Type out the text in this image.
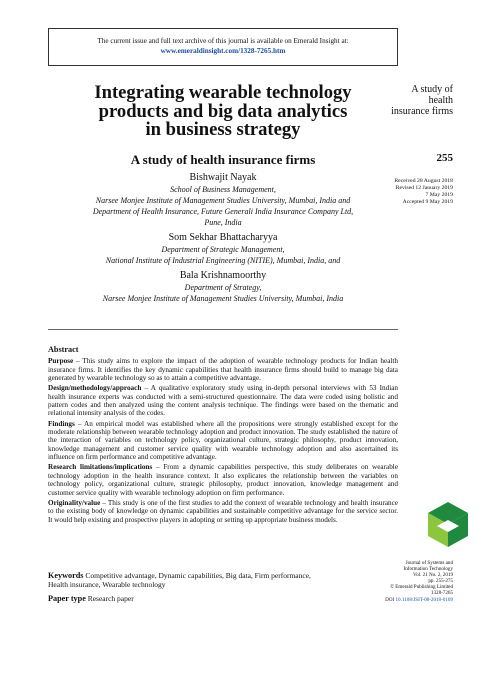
The current issue and full text archive of this journal is available on Emerald Insight at:
www.emeraldinsight.com/1328-7265.htm
Integrating wearable technology
products and big data analytics
in business strategy
A study of health insurance firms
Bishwajit Nayak
School of Business Management,
Narsee Monjee Institute of Management Studies University, Mumbai, India and
Department of Health Insurance, Future Generali India Insurance Company Ltd,
Pune, India
Som Sekhar Bhattacharyya
Department of Strategic Management,
National Institute of Industrial Engineering (NITIE), Mumbai, India, and
Bala Krishnamoorthy
Department of Strategy,
Narsee Monjee Institute of Management Studies University, Mumbai, India
A study of
health
insurance firms
255
Received 28 August 2018
Revised 12 January 2019
7 May 2019
Accepted 9 May 2019
Abstract

Purpose – This study aims to explore the impact of the adoption of wearable technology products for Indian health insurance firms. It identifies the key dynamic capabilities that health insurance firms should build to manage big data generated by wearable technology so as to attain a competitive advantage.

Design/methodology/approach – A qualitative exploratory study using in-depth personal interviews with 53 Indian health insurance experts was conducted with a semi-structured questionnaire. The data were coded using holistic and pattern codes and then analyzed using the content analysis technique. The findings were based on the thematic and relational intensity analysis of the codes.

Findings – An empirical model was established where all the propositions were strongly established except for the moderate relationship between wearable technology adoption and product innovation. The study established the nature of the interaction of variables on technology policy, organizational culture, strategic philosophy, product innovation, knowledge management and customer service quality with wearable technology adoption and also ascertained its influence on firm performance and competitive advantage.

Research limitations/implications – From a dynamic capabilities perspective, this study deliberates on wearable technology adoption in the health insurance context. It also explicates the relationship between the variables on technology policy, organizational culture, strategic philosophy, product innovation, knowledge management and customer service quality with wearable technology adoption on firm performance.

Originality/value – This study is one of the first studies to add the context of wearable technology and health insurance to the existing body of knowledge on dynamic capabilities and sustainable competitive advantage for the service sector. It would help existing and prospective players in adopting or setting up appropriate business models.

Keywords Competitive advantage, Dynamic capabilities, Big data, Firm performance,
Health insurance, Wearable technology
Paper type Research paper
Journal of Systems and
Information Technology
Vol. 21 No. 2, 2019
pp. 255-275
© Emerald Publishing Limited
1328-7265
DOI 10.1108/JSIT-08-2018-0109
